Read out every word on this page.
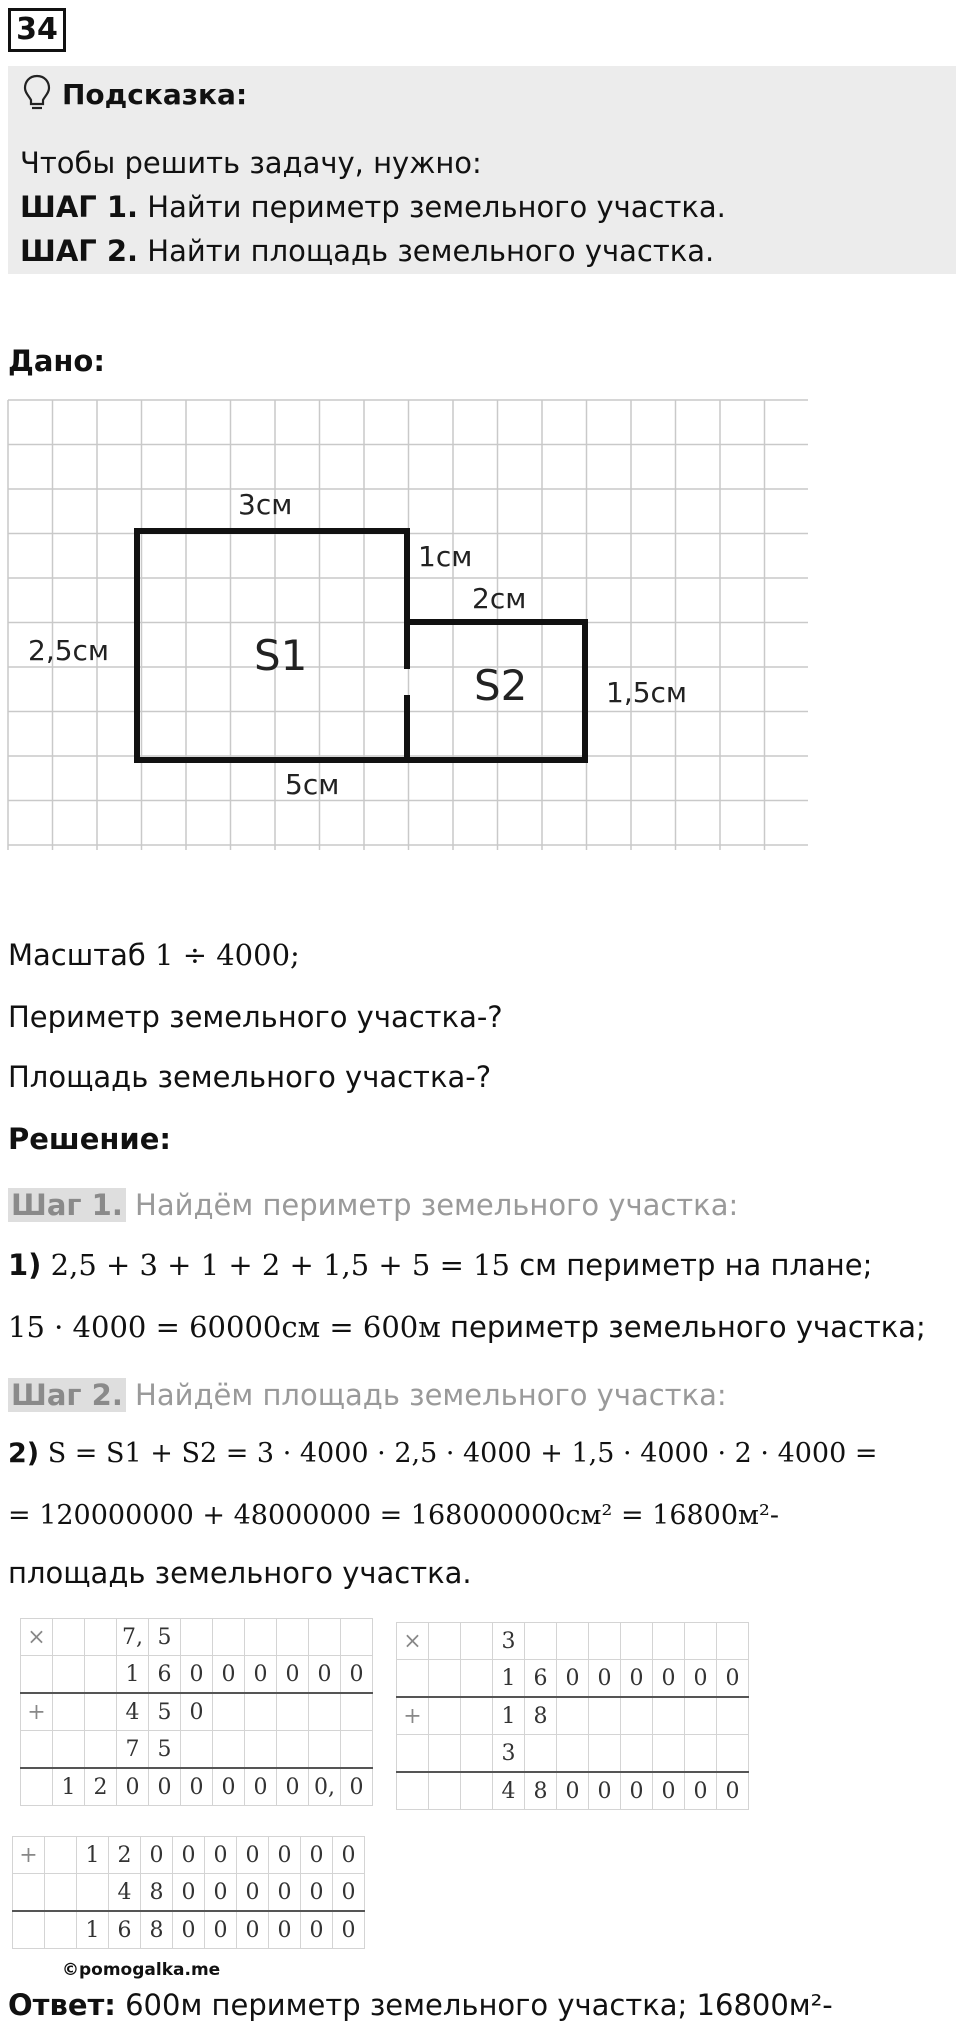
34
Подсказка:
Чтобы решить задачу, нужно:
ШАГ 1. Найти периметр земельного участка.
ШАГ 2. Найти площадь земельного участка.
Дано:
3см
1см
2см
2,5см
1,5см
5см
S1
S2
Масштаб 1 ÷ 4000;
Периметр земельного участка-?
Площадь земельного участка-?
Решение:
Шаг 1. Найдём периметр земельного участка:
1) 2,5 + 3 + 1 + 2 + 1,5 + 5 = 15 см периметр на плане;
15 · 4000 = 60000см = 600м периметр земельного участка;
Шаг 2. Найдём площадь земельного участка:
2) S = S1 + S2 = 3 · 4000 · 2,5 · 4000 + 1,5 · 4000 · 2 · 4000 =
= 120000000 + 48000000 = 168000000см² = 16800м²-
площадь земельного участка.
×			7,	5						
			1	6	0	0	0	0	0	0
+			4	5	0					
			7	5						
	1	2	0	0	0	0	0	0	0,	0
×			3							
			1	6	0	0	0	0	0	0
+			1	8						
			3							
			4	8	0	0	0	0	0	0
+		1	2	0	0	0	0	0	0	0
			4	8	0	0	0	0	0	0
		1	6	8	0	0	0	0	0	0
©pomogalka.me
Ответ: 600м периметр земельного участка; 16800м²-
